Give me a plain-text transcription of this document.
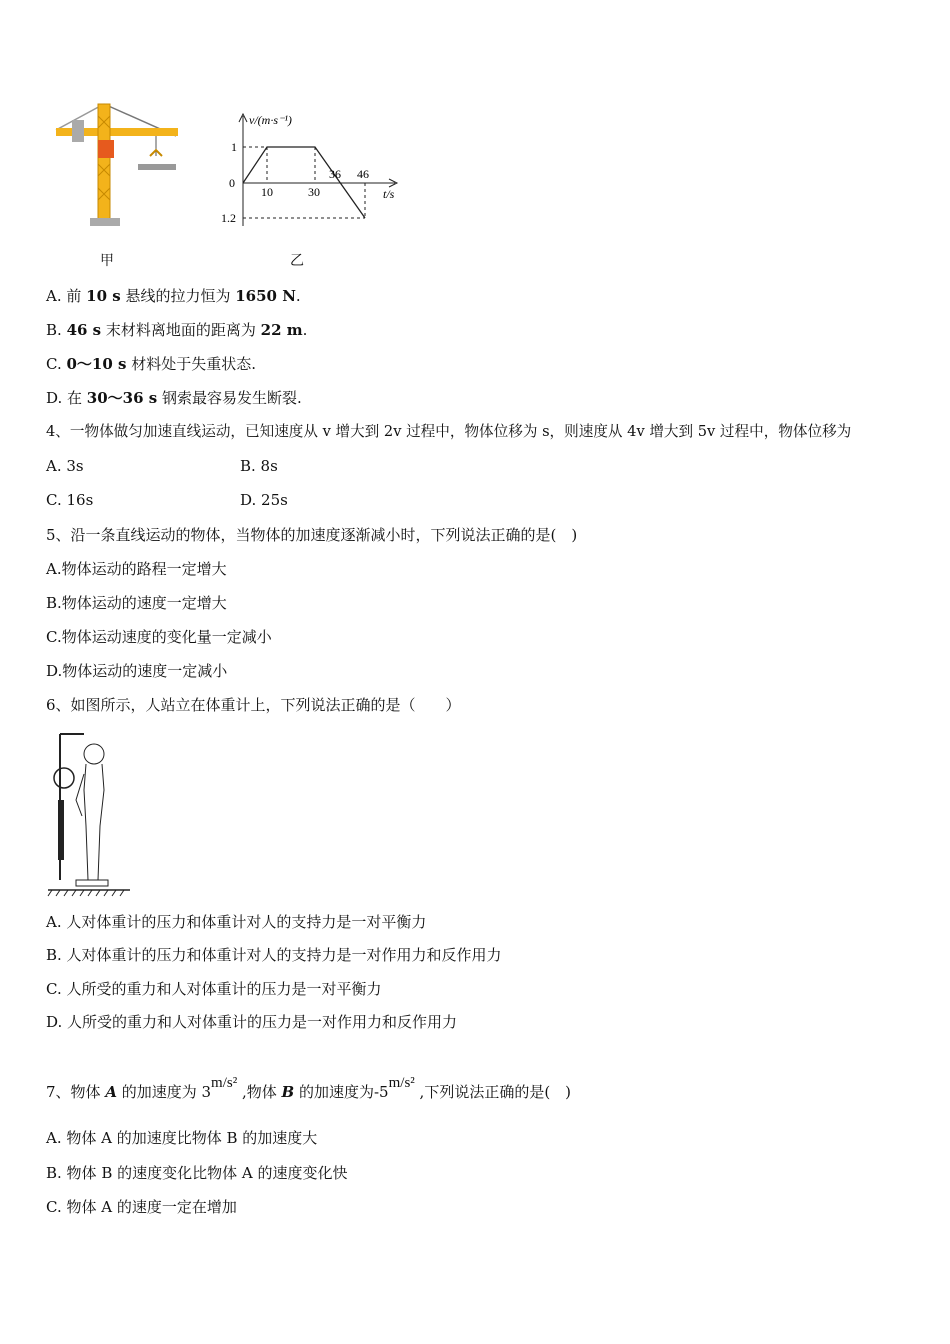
甲
v/(m·s⁻¹)
t/s
0
1
1.2
10	30
36 46
乙
A. 前 10 s 悬线的拉力恒为 1650 N.
B. 46 s 末材料离地面的距离为 22 m.
C. 0～10 s 材料处于失重状态.
D. 在 30～36 s 钢索最容易发生断裂.
4、一物体做匀加速直线运动，已知速度从 v 增大到 2v 过程中，物体位移为 s，则速度从 4v 增大到 5v 过程中，物体位移为
A. 3s	B. 8s
C. 16s	D. 25s
5、沿一条直线运动的物体，当物体的加速度逐渐减小时，下列说法正确的是(　)
A.物体运动的路程一定增大
B.物体运动的速度一定增大
C.物体运动速度的变化量一定减小
D.物体运动的速度一定减小
6、如图所示，人站立在体重计上，下列说法正确的是（　　）
A. 人对体重计的压力和体重计对人的支持力是一对平衡力
B. 人对体重计的压力和体重计对人的支持力是一对作用力和反作用力
C. 人所受的重力和人对体重计的压力是一对平衡力
D. 人所受的重力和人对体重计的压力是一对作用力和反作用力
7、物体 A 的加速度为 3m/s² ,物体 B 的加速度为-5m/s² ,下列说法正确的是(　)
A. 物体 A 的加速度比物体 B 的加速度大
B. 物体 B 的速度变化比物体 A 的速度变化快
C. 物体 A 的速度一定在增加
